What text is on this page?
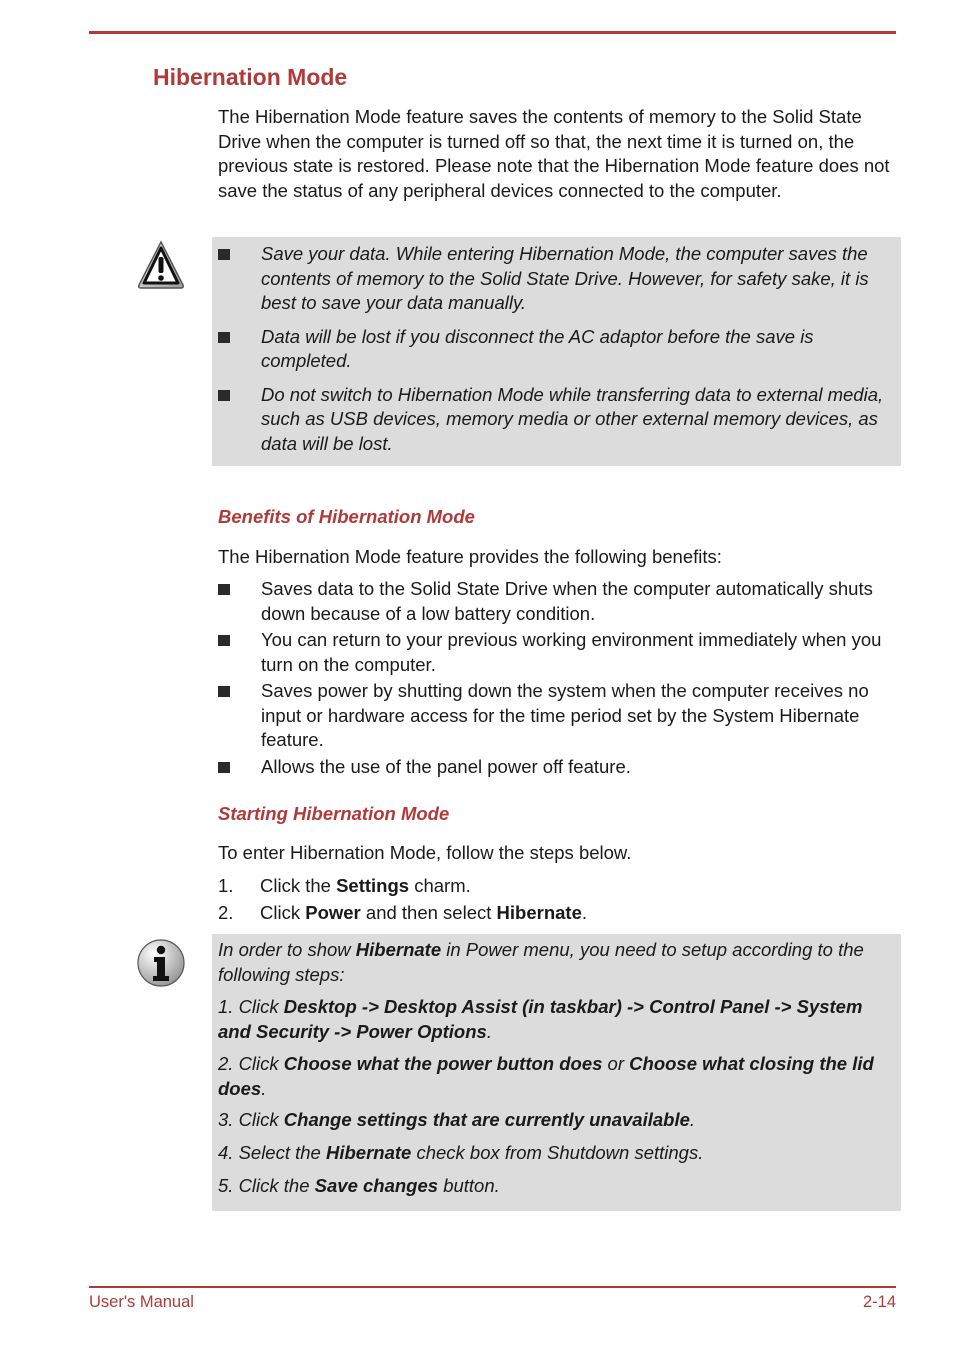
Hibernation Mode

The Hibernation Mode feature saves the contents of memory to the Solid State Drive when the computer is turned off so that, the next time it is turned on, the previous state is restored. Please note that the Hibernation Mode feature does not save the status of any peripheral devices connected to the computer.

Save your data. While entering Hibernation Mode, the computer saves the contents of memory to the Solid State Drive. However, for safety sake, it is best to save your data manually.
Data will be lost if you disconnect the AC adaptor before the save is completed.
Do not switch to Hibernation Mode while transferring data to external media, such as USB devices, memory media or other external memory devices, as data will be lost.
Benefits of Hibernation Mode

The Hibernation Mode feature provides the following benefits:

Saves data to the Solid State Drive when the computer automatically shuts down because of a low battery condition.
You can return to your previous working environment immediately when you turn on the computer.
Saves power by shutting down the system when the computer receives no input or hardware access for the time period set by the System Hibernate feature.
Allows the use of the panel power off feature.
Starting Hibernation Mode

To enter Hibernation Mode, follow the steps below.

1. Click the Settings charm.
2. Click Power and then select Hibernate.

In order to show Hibernate in Power menu, you need to setup according to the following steps:

1. Click Desktop -> Desktop Assist (in taskbar) -> Control Panel -> System and Security -> Power Options.

2. Click Choose what the power button does or Choose what closing the lid does.

3. Click Change settings that are currently unavailable.

4. Select the Hibernate check box from Shutdown settings.

5. Click the Save changes button.

User's Manual	2-14
